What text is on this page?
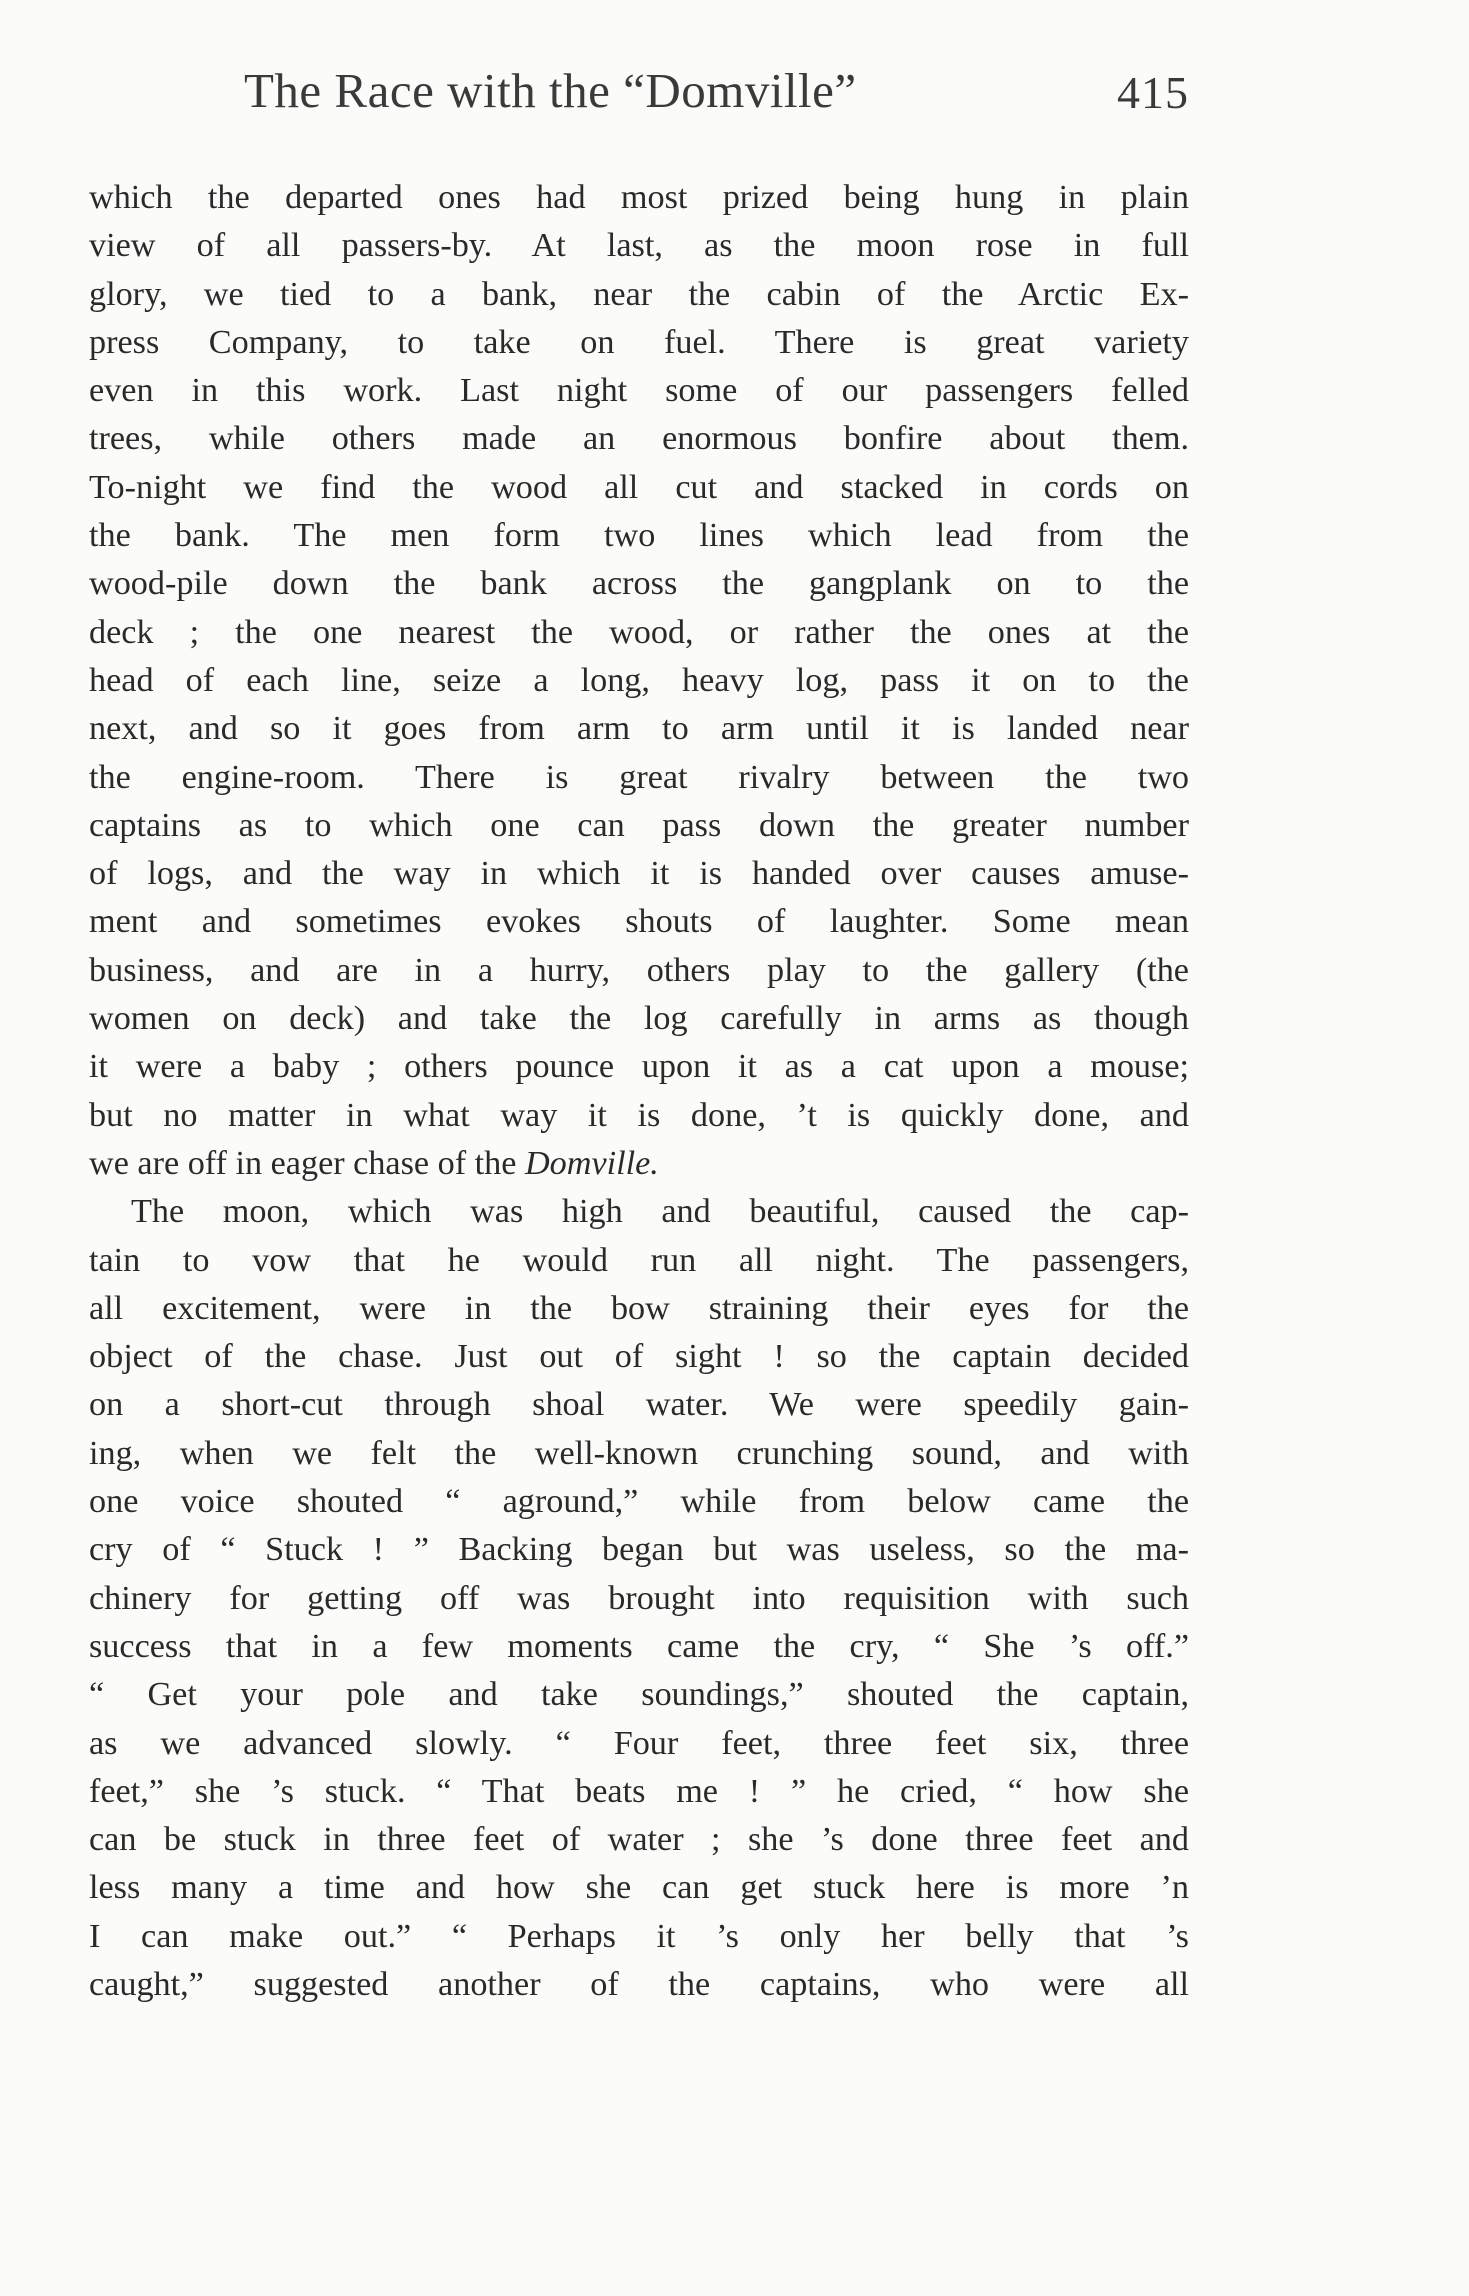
The Race with the “Domville”	415
which the departed ones had most prized being hung in plain
view of all passers-by. At last, as the moon rose in full
glory, we tied to a bank, near the cabin of the Arctic Ex-
press Company, to take on fuel. There is great variety
even in this work. Last night some of our passengers felled
trees, while others made an enormous bonfire about them.
To-night we find the wood all cut and stacked in cords on
the bank. The men form two lines which lead from the
wood-pile down the bank across the gangplank on to the
deck ; the one nearest the wood, or rather the ones at the
head of each line, seize a long, heavy log, pass it on to the
next, and so it goes from arm to arm until it is landed near
the engine-room. There is great rivalry between the two
captains as to which one can pass down the greater number
of logs, and the way in which it is handed over causes amuse-
ment and sometimes evokes shouts of laughter. Some mean
business, and are in a hurry, others play to the gallery (the
women on deck) and take the log carefully in arms as though
it were a baby ; others pounce upon it as a cat upon a mouse;
but no matter in what way it is done, ’t is quickly done, and
we are off in eager chase of the Domville.
The moon, which was high and beautiful, caused the cap-
tain to vow that he would run all night. The passengers,
all excitement, were in the bow straining their eyes for the
object of the chase. Just out of sight ! so the captain decided
on a short-cut through shoal water. We were speedily gain-
ing, when we felt the well-known crunching sound, and with
one voice shouted “ aground,” while from below came the
cry of “ Stuck ! ” Backing began but was useless, so the ma-
chinery for getting off was brought into requisition with such
success that in a few moments came the cry, “ She ’s off.”
“ Get your pole and take soundings,” shouted the captain,
as we advanced slowly. “ Four feet, three feet six, three
feet,” she ’s stuck. “ That beats me ! ” he cried, “ how she
can be stuck in three feet of water ; she ’s done three feet and
less many a time and how she can get stuck here is more ’n
I can make out.” “ Perhaps it ’s only her belly that ’s
caught,” suggested another of the captains, who were all
